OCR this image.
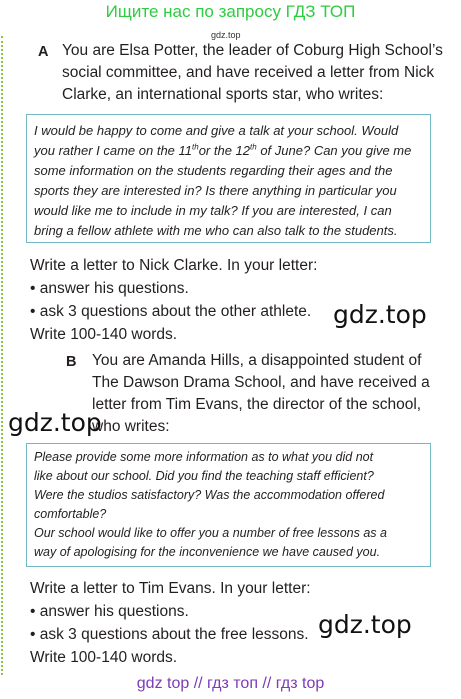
Ищите нас по запросу ГДЗ ТОП
gdz.top
A You are Elsa Potter, the leader of Coburg High School’s
social committee, and have received a letter from Nick
Clarke, an international sports star, who writes:
I would be happy to come and give a talk at your school. Would
you rather I came on the 11thor the 12th of June? Can you give me
some information on the students regarding their ages and the
sports they are interested in? Is there anything in particular you
would like me to include in my talk? If you are interested, I can
bring a fellow athlete with me who can also talk to the students.
Write a letter to Nick Clarke. In your letter:
• answer his questions.
• ask 3 questions about the other athlete.
Write 100-140 words.
gdz.top
B You are Amanda Hills, a disappointed student of
The Dawson Drama School, and have received a
letter from Tim Evans, the director of the school,
who writes:
gdz.top
Please provide some more information as to what you did not
like about our school. Did you find the teaching staff efficient?
Were the studios satisfactory? Was the accommodation offered
comfortable?
Our school would like to offer you a number of free lessons as a
way of apologising for the inconvenience we have caused you.
Write a letter to Tim Evans. In your letter:
• answer his questions.
• ask 3 questions about the free lessons.
Write 100-140 words.
gdz.top
gdz top // гдз топ // гдз top
